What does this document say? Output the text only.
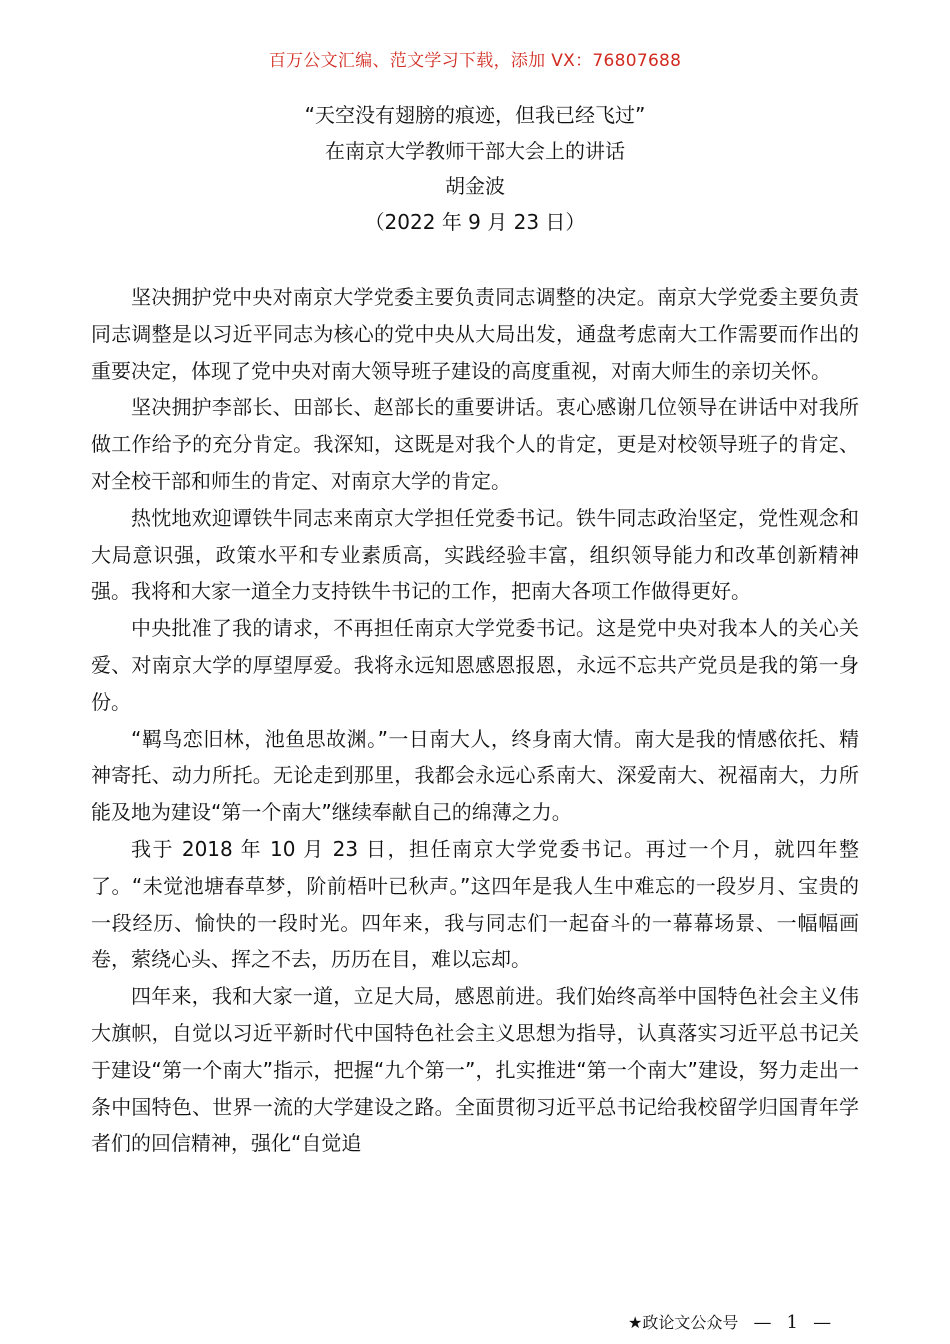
百万公文汇编、范文学习下载，添加 VX：76807688
“天空没有翅膀的痕迹，但我已经飞过”
在南京大学教师干部大会上的讲话
胡金波
（2022 年 9 月 23 日）

坚决拥护党中央对南京大学党委主要负责同志调整的决定。南京大学党委主要负责同志调整是以习近平同志为核心的党中央从大局出发，通盘考虑南大工作需要而作出的重要决定，体现了党中央对南大领导班子建设的高度重视，对南大师生的亲切关怀。

坚决拥护李部长、田部长、赵部长的重要讲话。衷心感谢几位领导在讲话中对我所做工作给予的充分肯定。我深知，这既是对我个人的肯定，更是对校领导班子的肯定、对全校干部和师生的肯定、对南京大学的肯定。

热忱地欢迎谭铁牛同志来南京大学担任党委书记。铁牛同志政治坚定，党性观念和大局意识强，政策水平和专业素质高，实践经验丰富，组织领导能力和改革创新精神强。我将和大家一道全力支持铁牛书记的工作，把南大各项工作做得更好。

中央批准了我的请求，不再担任南京大学党委书记。这是党中央对我本人的关心关爱、对南京大学的厚望厚爱。我将永远知恩感恩报恩，永远不忘共产党员是我的第一身份。

“羁鸟恋旧林，池鱼思故渊。”一日南大人，终身南大情。南大是我的情感依托、精神寄托、动力所托。无论走到那里，我都会永远心系南大、深爱南大、祝福南大，力所能及地为建设“第一个南大”继续奉献自己的绵薄之力。

我于 2018 年 10 月 23 日，担任南京大学党委书记。再过一个月，就四年整了。“未觉池塘春草梦，阶前梧叶已秋声。”这四年是我人生中难忘的一段岁月、宝贵的一段经历、愉快的一段时光。四年来，我与同志们一起奋斗的一幕幕场景、一幅幅画卷，萦绕心头、挥之不去，历历在目，难以忘却。

四年来，我和大家一道，立足大局，感恩前进。我们始终高举中国特色社会主义伟大旗帜，自觉以习近平新时代中国特色社会主义思想为指导，认真落实习近平总书记关于建设“第一个南大”指示，把握“九个第一”，扎实推进“第一个南大”建设，努力走出一条中国特色、世界一流的大学建设之路。全面贯彻习近平总书记给我校留学归国青年学者们的回信精神，强化“自觉追

★政论文公众号 — 1 —
